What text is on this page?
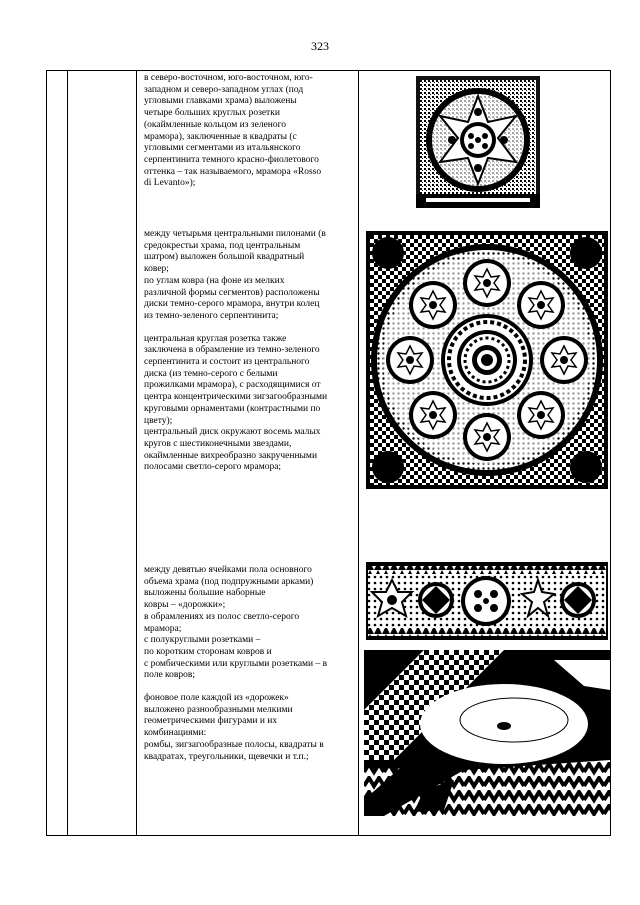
323

в северо-восточном, юго-восточном, юго-

западном и северо-западном углах (под

угловыми главками храма) выложены

четыре больших круглых розетки

(окаймленные кольцом из зеленого

мрамора), заключенные в квадраты (с

угловыми сегментами из итальянского

серпентинита темного красно-фиолетового

оттенка – так называемого, мрамора «Rosso

di Levanto»);

между четырьмя центральными пилонами (в

средокрестьи храма, под центральным

шатром) выложен большой квадратный

ковер;

по углам ковра (на фоне из мелких

различной формы сегментов) расположены

диски темно-серого мрамора, внутри колец

из темно-зеленого серпентинита;

центральная круглая розетка также

заключена в обрамление из темно-зеленого

серпентинита и состоит из центрального

диска (из темно-серого с белыми

прожилками мрамора), с расходящимися от

центра концентрическими зигзагообразными

круговыми орнаментами (контрастными по

цвету);

центральный диск окружают восемь малых

кругов с шестиконечными звездами,

окаймленные вихреобразно закрученными

полосами светло-серого мрамора;

между девятью ячейками пола основного

объема храма (под подпружными арками)

выложены большие наборные

ковры – «дорожки»;

в обрамлениях из полос светло-серого

мрамора;

с полукруглыми розетками –

по коротким сторонам ковров и

с ромбическими или круглыми розетками – в

поле ковров;

фоновое поле каждой из «дорожек»

выложено разнообразными мелкими

геометрическими фигурами и их

комбинациями:

ромбы, зигзагообразные полосы, квадраты в

квадратах, треугольники, щевечки и т.п.;
